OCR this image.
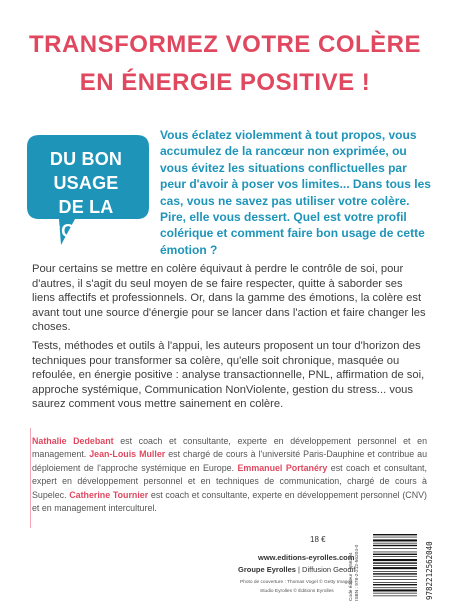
TRANSFORMEZ VOTRE COLÈRE
EN ÉNERGIE POSITIVE !
DU BON USAGE
DE LA COLÈRE

Vous éclatez violemment à tout propos, vous accumulez de la rancœur non exprimée, ou vous évitez les situations conflictuelles par peur d'avoir à poser vos limites... Dans tous les cas, vous ne savez pas utiliser votre colère. Pire, elle vous dessert. Quel est votre profil colérique et comment faire bon usage de cette émotion ?

Pour certains se mettre en colère équivaut à perdre le contrôle de soi, pour d'autres, il s'agit du seul moyen de se faire respecter, quitte à saborder ses liens affectifs et professionnels. Or, dans la gamme des émotions, la colère est avant tout une source d'énergie pour se lancer dans l'action et faire changer les choses.
Tests, méthodes et outils à l'appui, les auteurs proposent un tour d'horizon des techniques pour transformer sa colère, qu'elle soit chronique, masquée ou refoulée, en énergie positive : analyse transactionnelle, PNL, affirmation de soi, approche systémique, Communication NonViolente, gestion du stress... vous saurez comment vous mettre sainement en colère.
Nathalie Dedebant est coach et consultante, experte en développement personnel et en management. Jean-Louis Muller est chargé de cours à l'université Paris-Dauphine et contribue au déploiement de l'approche systémique en Europe. Emmanuel Portanéry est coach et consultant, expert en développement personnel et en techniques de communication, chargé de cours à Supelec. Catherine Tournier est coach et consultante, experte en développement personnel (CNV) et en management interculturel.
18 €
www.editions-eyrolles.com
Groupe Eyrolles | Diffusion Geodif
Photo de couverture : Thomas Vogel © Getty Images
Studio Eyrolles © Éditions Eyrolles	Code éditeur : G56204 ISBN : 978-2-212-56204-0	9782212562040
